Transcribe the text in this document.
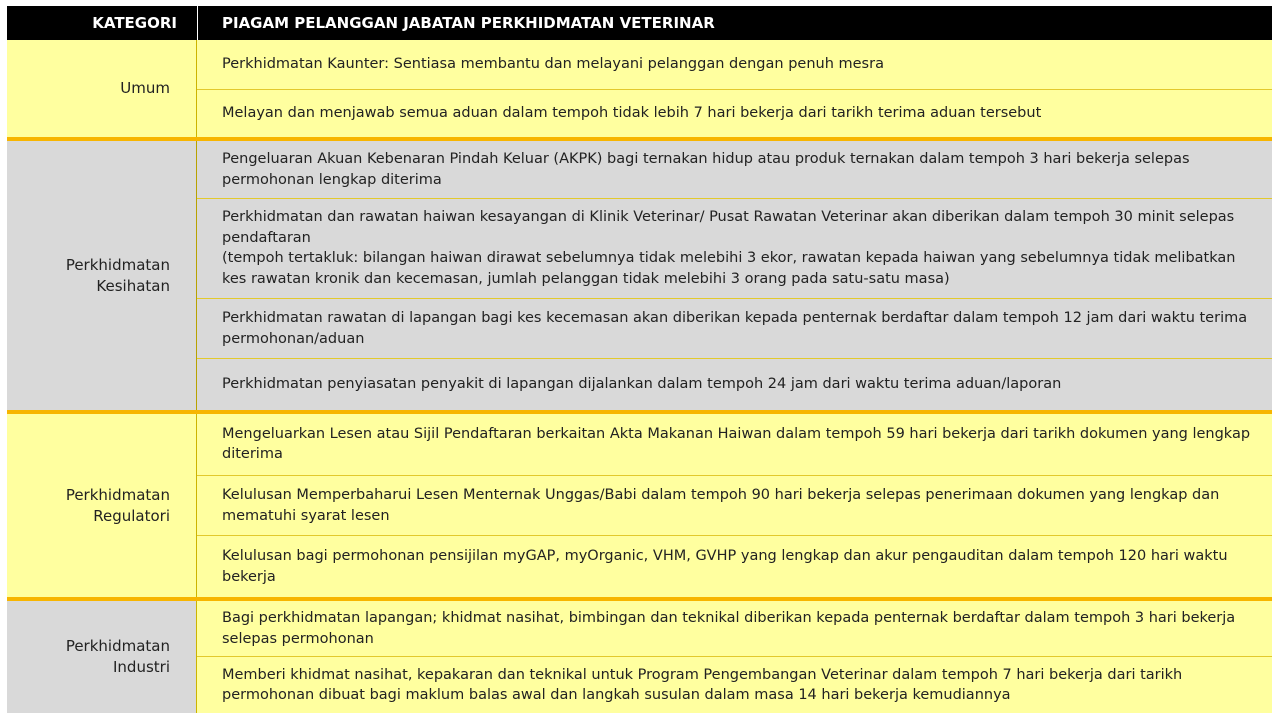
KATEGORI	PIAGAM PELANGGAN JABATAN PERKHIDMATAN VETERINAR
Umum
Perkhidmatan Kaunter: Sentiasa membantu dan melayani pelanggan dengan penuh mesra
Melayan dan menjawab semua aduan dalam tempoh tidak lebih 7 hari bekerja dari tarikh terima aduan tersebut
Perkhidmatan Kesihatan
Pengeluaran Akuan Kebenaran Pindah Keluar (AKPK) bagi ternakan hidup atau produk ternakan dalam tempoh 3 hari bekerja selepas permohonan lengkap diterima
Perkhidmatan dan rawatan haiwan kesayangan di Klinik Veterinar/ Pusat Rawatan Veterinar akan diberikan dalam tempoh 30 minit selepas pendaftaran
(tempoh tertakluk: bilangan haiwan dirawat sebelumnya tidak melebihi 3 ekor, rawatan kepada haiwan yang sebelumnya tidak melibatkan kes rawatan kronik dan kecemasan, jumlah pelanggan tidak melebihi 3 orang pada satu-satu masa)
Perkhidmatan rawatan di lapangan bagi kes kecemasan akan diberikan kepada penternak berdaftar dalam tempoh 12 jam dari waktu terima permohonan/aduan
Perkhidmatan penyiasatan penyakit di lapangan dijalankan dalam tempoh 24 jam dari waktu terima aduan/laporan
Perkhidmatan Regulatori
Mengeluarkan Lesen atau Sijil Pendaftaran berkaitan Akta Makanan Haiwan dalam tempoh 59 hari bekerja dari tarikh dokumen yang lengkap diterima
Kelulusan Memperbaharui Lesen Menternak Unggas/Babi dalam tempoh 90 hari bekerja selepas penerimaan dokumen yang lengkap dan mematuhi syarat lesen
Kelulusan bagi permohonan pensijilan myGAP, myOrganic, VHM, GVHP yang lengkap dan akur pengauditan dalam tempoh 120 hari waktu bekerja
Perkhidmatan Industri
Bagi perkhidmatan lapangan; khidmat nasihat, bimbingan dan teknikal diberikan kepada penternak berdaftar dalam tempoh 3 hari bekerja selepas permohonan
Memberi khidmat nasihat, kepakaran dan teknikal untuk Program Pengembangan Veterinar dalam tempoh 7 hari bekerja dari tarikh permohonan dibuat bagi maklum balas awal dan langkah susulan dalam masa 14 hari bekerja kemudiannya
